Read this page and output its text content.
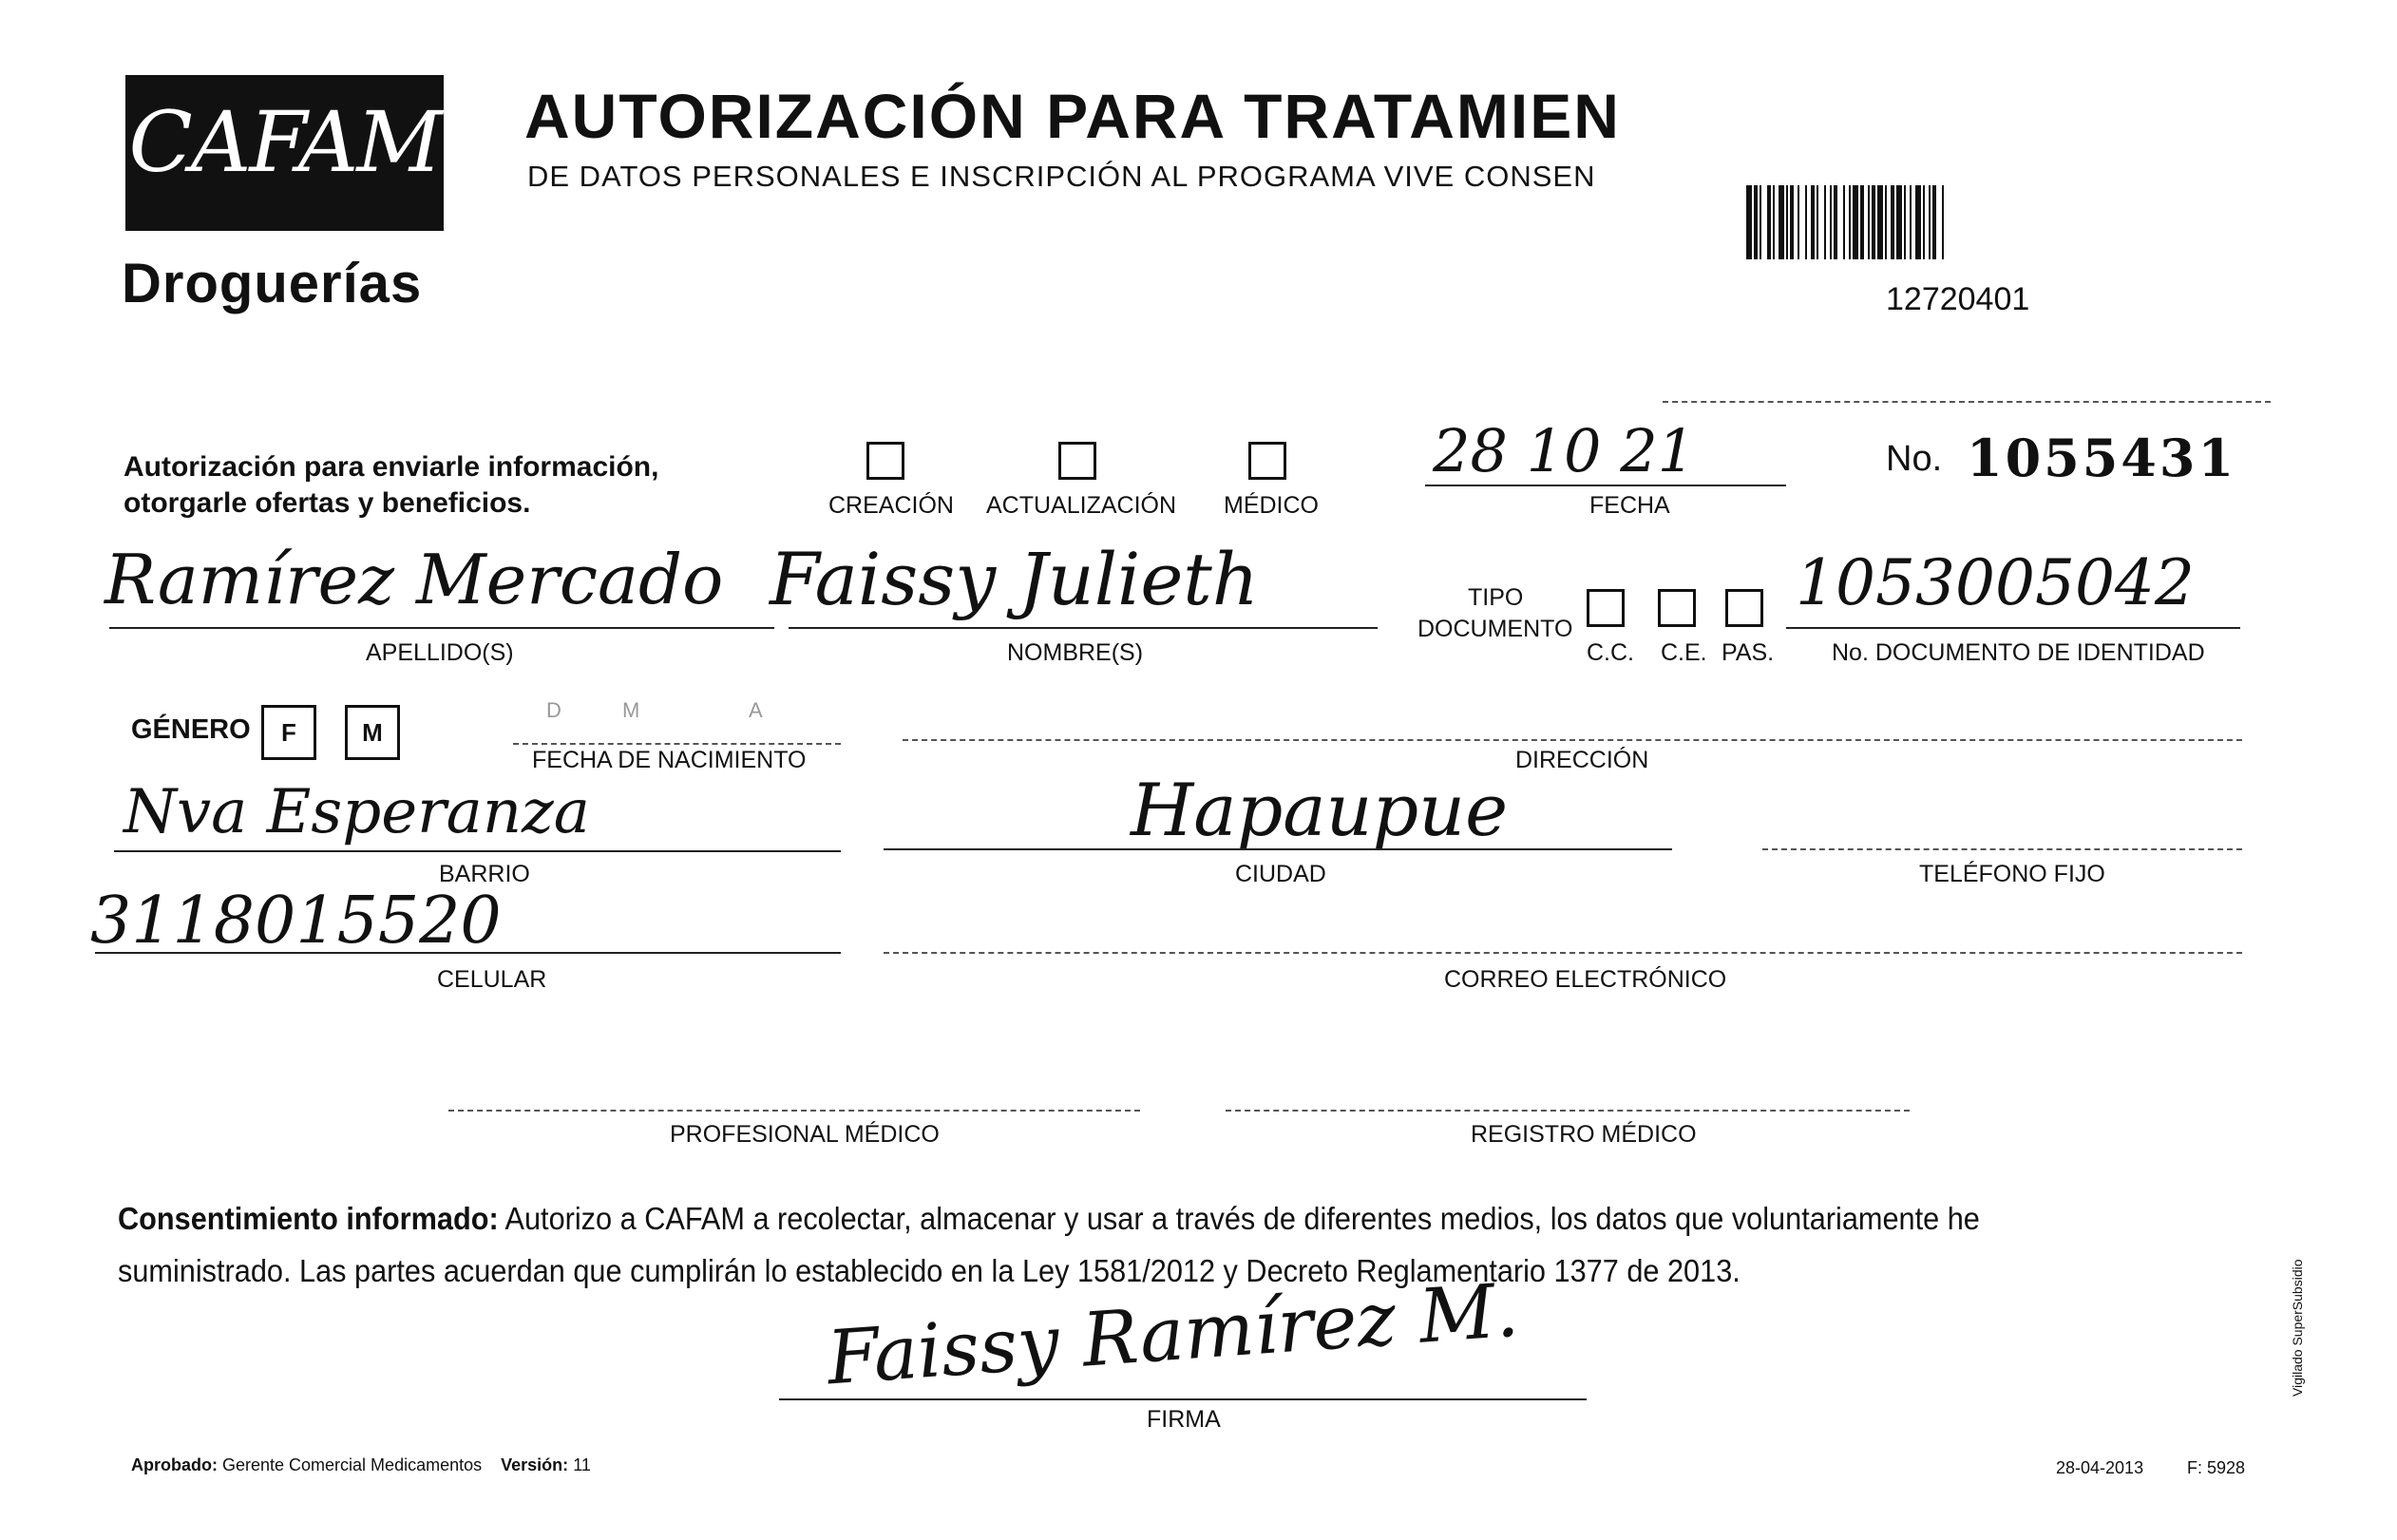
CAFAM
Droguerías
AUTORIZACIÓN PARA TRATAMIEN
DE DATOS PERSONALES E INSCRIPCIÓN AL PROGRAMA VIVE CONSEN
12720401
Autorización para enviarle información,
otorgarle ofertas y beneficios.	CREACIÓN ACTUALIZACIÓN MÉDICO
28 10 21
FECHA
No. 1055431
Ramírez Mercado
APELLIDO(S)
Faissy Julieth
NOMBRE(S)
TIPO
DOCUMENTO
C.C. C.E. PAS.
1053005042
No. DOCUMENTO DE IDENTIDAD
GÉNERO	F	M
D	M	A
FECHA DE NACIMIENTO	DIRECCIÓN
Nva Esperanza
BARRIO
Hapaupue
CIUDAD	TELÉFONO FIJO
3118015520
CELULAR	CORREO ELECTRÓNICO
PROFESIONAL MÉDICO	REGISTRO MÉDICO
Consentimiento informado: Autorizo a CAFAM a recolectar, almacenar y usar a través de diferentes medios, los datos que voluntariamente he suministrado. Las partes acuerdan que cumplirán lo establecido en la Ley 1581/2012 y Decreto Reglamentario 1377 de 2013.
Faissy Ramírez M.
FIRMA
Aprobado: Gerente Comercial Medicamentos Versión: 11	28-04-2013	F: 5928
Vigilado SuperSubsidio
